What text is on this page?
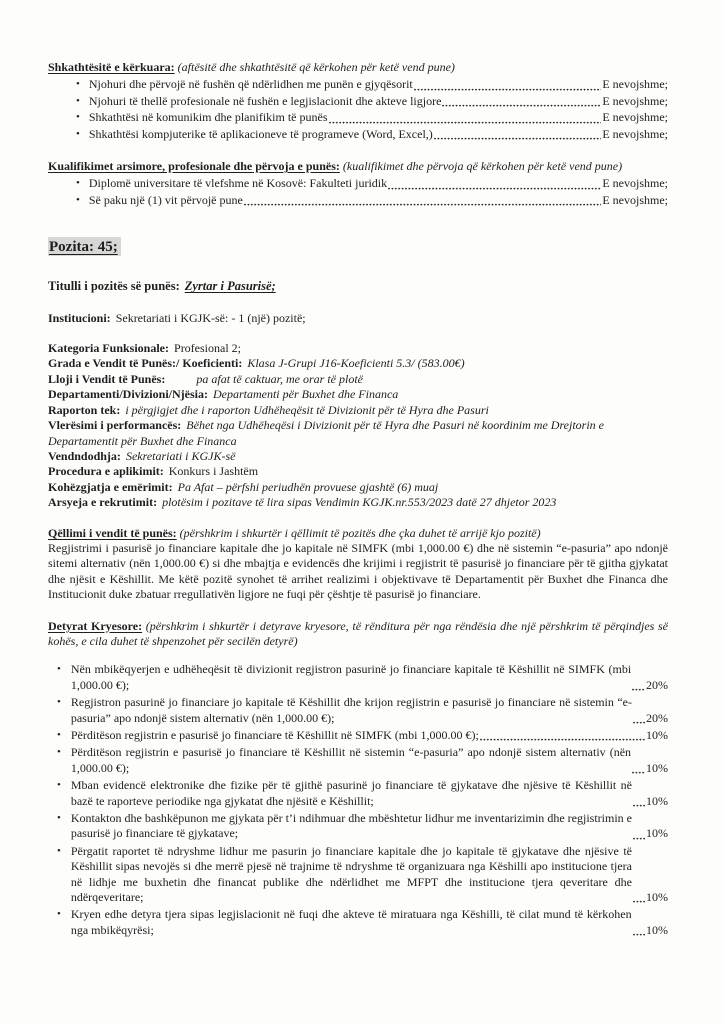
Shkathtësitë e kërkuara: (aftësitë dhe shkathtësitë që kërkohen për ketë vend pune)

• Njohuri dhe përvojë në fushën që ndërlidhen me punën e gjyqësorit	E nevojshme;
• Njohuri të thellë profesionale në fushën e legjislacionit dhe akteve ligjore	E nevojshme;
• Shkathtësi në komunikim dhe planifikim të punës	E nevojshme;
• Shkathtësi kompjuterike të aplikacioneve të programeve (Word, Excel,)	E nevojshme;

Kualifikimet arsimore, profesionale dhe përvoja e punës: (kualifikimet dhe përvoja që kërkohen për ketë vend pune)

• Diplomë universitare të vlefshme në Kosovë: Fakulteti juridik	E nevojshme;
• Së paku një (1) vit përvojë pune	E nevojshme;
Pozita: 45;

Titulli i pozitës së punës: Zyrtar i Pasurisë;

Institucioni: Sekretariati i KGJK-së: - 1 (një) pozitë;

Kategoria Funksionale: Profesional 2;

Grada e Vendit të Punës:/ Koeficienti: Klasa J-Grupi J16-Koeficienti 5.3/ (583.00€)

Lloji i Vendit të Punës:	pa afat të caktuar, me orar të plotë

Departamenti/Divizioni/Njësia: Departamenti për Buxhet dhe Financa

Raporton tek: i përgjigjet dhe i raporton Udhëheqësit të Divizionit për të Hyra dhe Pasuri

Vlerësimi i performancës: Bëhet nga Udhëheqësi i Divizionit për të Hyra dhe Pasuri në koordinim me Drejtorin e Departamentit për Buxhet dhe Financa

Vendndodhja: Sekretariati i KGJK-së

Procedura e aplikimit: Konkurs i Jashtëm

Kohëzgjatja e emërimit: Pa Afat – përfshi periudhën provuese gjashtë (6) muaj

Arsyeja e rekrutimit: plotësim i pozitave të lira sipas Vendimin KGJK.nr.553/2023 datë 27 dhjetor 2023

Qëllimi i vendit të punës: (përshkrim i shkurtër i qëllimit të pozitës dhe çka duhet të arrijë kjo pozitë)

Regjistrimi i pasurisë jo financiare kapitale dhe jo kapitale në SIMFK (mbi 1,000.00 €) dhe në sistemin “e-pasuria” apo ndonjë sitemi alternativ (nën 1,000.00 €) si dhe mbajtja e evidencës dhe krijimi i regjistrit të pasurisë jo financiare për të gjitha gjykatat dhe njësit e Këshillit. Me këtë pozitë synohet të arrihet realizimi i objektivave të Departamentit për Buxhet dhe Financa dhe Institucionit duke zbatuar rregullativën ligjore ne fuqi për çështje të pasurisë jo financiare.

Detyrat Kryesore: (përshkrim i shkurtër i detyrave kryesore, të rënditura për nga rëndësia dhe një përshkrim të përqindjes së kohës, e cila duhet të shpenzohet për secilën detyrë)

• Nën mbikëqyerjen e udhëheqësit të divizionit regjistron pasurinë jo financiare kapitale të Këshillit në SIMFK (mbi 1,000.00 €);	20%
• Regjistron pasurinë jo financiare jo kapitale të Këshillit dhe krijon regjistrin e pasurisë jo financiare në sistemin “e-pasuria” apo ndonjë sistem alternativ (nën 1,000.00 €);	20%
• Përditëson regjistrin e pasurisë jo financiare të Këshillit në SIMFK (mbi 1,000.00 €);	10%
• Përditëson regjistrin e pasurisë jo financiare të Këshillit në sistemin “e-pasuria” apo ndonjë sistem alternativ (nën 1,000.00 €);	10%
• Mban evidencë elektronike dhe fizike për të gjithë pasurinë jo financiare të gjykatave dhe njësive të Këshillit në bazë te raporteve periodike nga gjykatat dhe njësitë e Këshillit;	10%
• Kontakton dhe bashkëpunon me gjykata për t’i ndihmuar dhe mbështetur lidhur me inventarizimin dhe regjistrimin e pasurisë jo financiare të gjykatave;	10%
• Përgatit raportet të ndryshme lidhur me pasurin jo financiare kapitale dhe jo kapitale të gjykatave dhe njësive të Këshillit sipas nevojës si dhe merrë pjesë në trajnime të ndryshme të organizuara nga Këshilli apo institucione tjera në lidhje me buxhetin dhe financat publike dhe ndërlidhet me MFPT dhe institucione tjera qeveritare dhe ndërqeveritare;	10%
• Kryen edhe detyra tjera sipas legjislacionit në fuqi dhe akteve të miratuara nga Këshilli, të cilat mund të kërkohen nga mbikëqyrësi;	10%
